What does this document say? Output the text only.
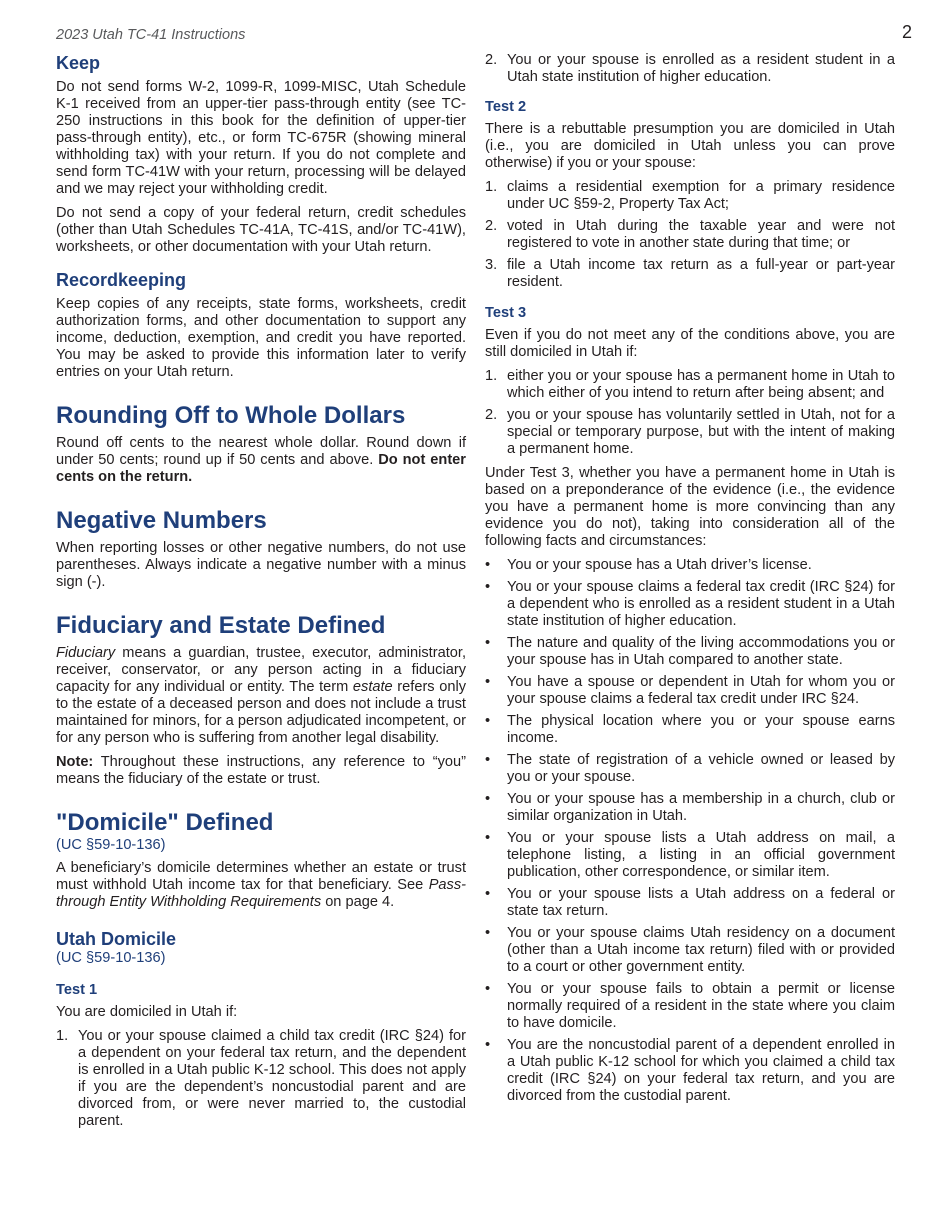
2023 Utah TC-41 Instructions	2
Keep

Do not send forms W-2, 1099-R, 1099-MISC, Utah Schedule K-1 received from an upper-tier pass-through entity (see TC-250 instructions in this book for the definition of upper-tier pass-through entity), etc., or form TC-675R (showing mineral withholding tax) with your return. If you do not complete and send form TC-41W with your return, processing will be delayed and we may reject your withholding credit.

Do not send a copy of your federal return, credit schedules (other than Utah Schedules TC-41A, TC-41S, and/or TC-41W), worksheets, or other documentation with your Utah return.

Recordkeeping

Keep copies of any receipts, state forms, worksheets, credit authorization forms, and other documentation to support any income, deduction, exemption, and credit you have reported. You may be asked to provide this information later to verify entries on your Utah return.

Rounding Off to Whole Dollars

Round off cents to the nearest whole dollar. Round down if under 50 cents; round up if 50 cents and above. Do not enter cents on the return.

Negative Numbers

When reporting losses or other negative numbers, do not use parentheses. Always indicate a negative number with a minus sign (-).

Fiduciary and Estate Defined

Fiduciary means a guardian, trustee, executor, administrator, receiver, conservator, or any person acting in a fiduciary capacity for any individual or entity. The term estate refers only to the estate of a deceased person and does not include a trust maintained for minors, for a person adjudicated incompetent, or for any person who is suffering from another legal disability.

Note: Throughout these instructions, any reference to “you” means the fiduciary of the estate or trust.

"Domicile" Defined
(UC §59-10-136)

A beneficiary’s domicile determines whether an estate or trust must withhold Utah income tax for that beneficiary. See Pass-through Entity Withholding Requirements on page 4.

Utah Domicile
(UC §59-10-136)
Test 1

You are domiciled in Utah if:

1. You or your spouse claimed a child tax credit (IRC §24) for a dependent on your federal tax return, and the dependent is enrolled in a Utah public K-12 school. This does not apply if you are the dependent’s noncustodial parent and are divorced from, or were never married to, the custodial parent.
2. You or your spouse is enrolled as a resident student in a Utah state institution of higher education.
Test 2

There is a rebuttable presumption you are domiciled in Utah (i.e., you are domiciled in Utah unless you can prove otherwise) if you or your spouse:

1. claims a residential exemption for a primary residence under UC §59-2, Property Tax Act;
2. voted in Utah during the taxable year and were not registered to vote in another state during that time; or
3. file a Utah income tax return as a full-year or part-year resident.
Test 3

Even if you do not meet any of the conditions above, you are still domiciled in Utah if:

1. either you or your spouse has a permanent home in Utah to which either of you intend to return after being absent; and
2. you or your spouse has voluntarily settled in Utah, not for a special or temporary purpose, but with the intent of making a permanent home.

Under Test 3, whether you have a permanent home in Utah is based on a preponderance of the evidence (i.e., the evidence you have a permanent home is more convincing than any evidence you do not), taking into consideration all of the following facts and circumstances:

• You or your spouse has a Utah driver’s license.
• You or your spouse claims a federal tax credit (IRC §24) for a dependent who is enrolled as a resident student in a Utah state institution of higher education.
• The nature and quality of the living accommodations you or your spouse has in Utah compared to another state.
• You have a spouse or dependent in Utah for whom you or your spouse claims a federal tax credit under IRC §24.
• The physical location where you or your spouse earns income.
• The state of registration of a vehicle owned or leased by you or your spouse.
• You or your spouse has a membership in a church, club or similar organization in Utah.
• You or your spouse lists a Utah address on mail, a telephone listing, a listing in an official government publication, other correspondence, or similar item.
• You or your spouse lists a Utah address on a federal or state tax return.
• You or your spouse claims Utah residency on a document (other than a Utah income tax return) filed with or provided to a court or other government entity.
• You or your spouse fails to obtain a permit or license normally required of a resident in the state where you claim to have domicile.
• You are the noncustodial parent of a dependent enrolled in a Utah public K-12 school for which you claimed a child tax credit (IRC §24) on your federal tax return, and you are divorced from the custodial parent.
